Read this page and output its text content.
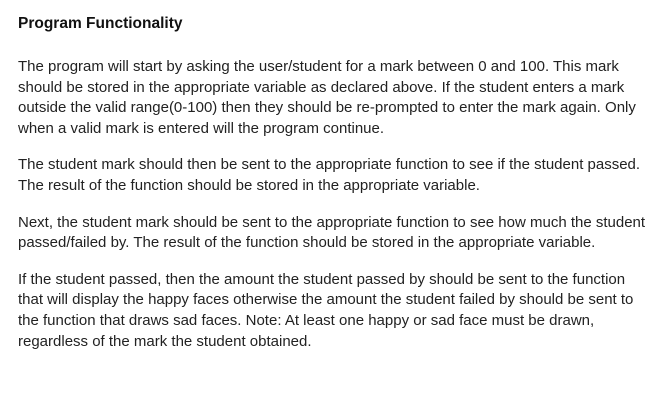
Program Functionality

The program will start by asking the user/student for a mark between 0 and 100. This mark should be stored in the appropriate variable as declared above. If the student enters a mark outside the valid range(0-100) then they should be re-prompted to enter the mark again. Only when a valid mark is entered will the program continue.

The student mark should then be sent to the appropriate function to see if the student passed. The result of the function should be stored in the appropriate variable.

Next, the student mark should be sent to the appropriate function to see how much the student passed/failed by. The result of the function should be stored in the appropriate variable.

If the student passed, then the amount the student passed by should be sent to the function that will display the happy faces otherwise the amount the student failed by should be sent to the function that draws sad faces. Note: At least one happy or sad face must be drawn, regardless of the mark the student obtained.
